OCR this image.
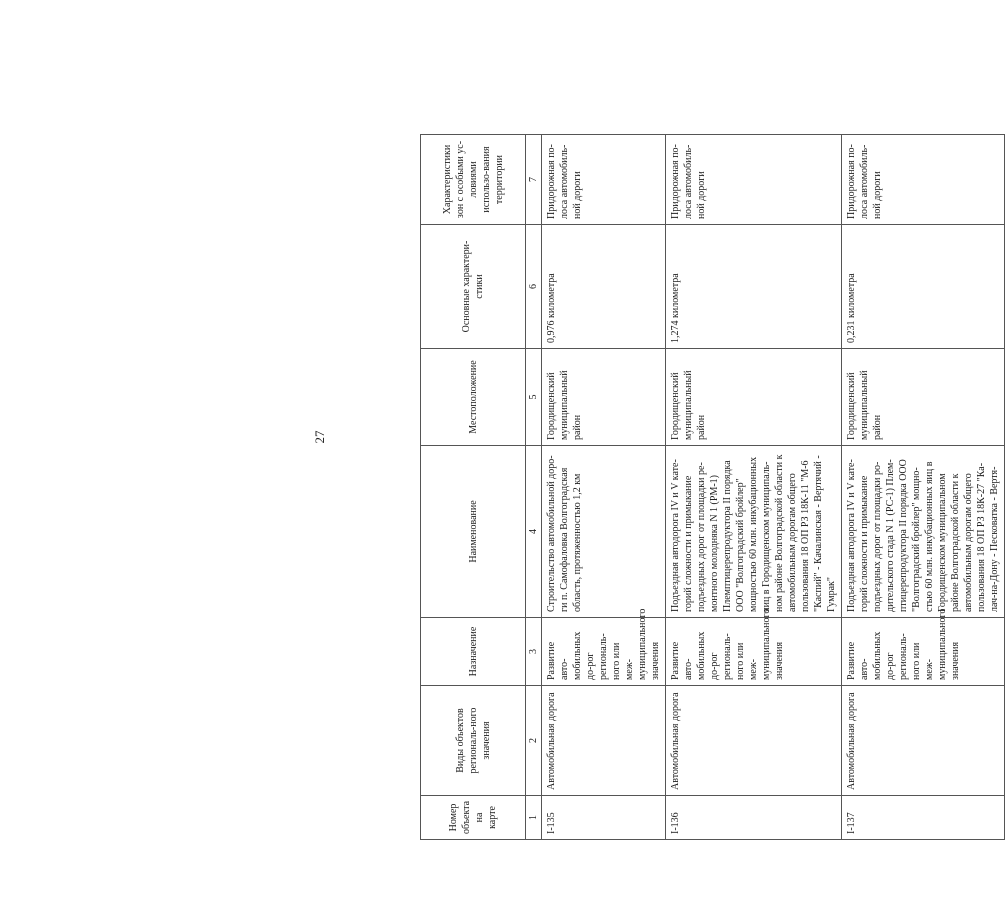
27
Номер объекта на карте	Виды объектов региональ-ного значения	Назначение	Наименование	Местоположение	Основные характери-стики	Характеристики зон с особыми ус-ловиями использо-вания территории
1	2	3	4	5	6	7
I-135	Автомобильная дорога	Развитие авто-мобильных до-рог региональ-ного или меж-муниципального значения	Строительство автомобильной доро-ги п. Самофаловка Волгоградская область, протяженностью 1,2 км	Городищенский муниципальный район	0,976 километра	Придорожная по-лоса автомобиль-ной дороги
I-136	Автомобильная дорога	Развитие авто-мобильных до-рог региональ-ного или меж-муниципального значения	Подъездная автодорога IV и V кате-горий сложности и примыкание подъездных дорог от площадки ре-монтного молодняка N 1 (РМ-1) Племптицерепродуктора II порядка ООО "Волгоградский бройлер" мощностью 60 млн. инкубационных яиц в Городищенском муниципаль-ном районе Волгоградской области к автомобильным дорогам общего пользования 18 ОП РЗ 18К-11 "М-6 "Каспий" - Качалинская - Вертячий - Гумрак"	Городищенский муниципальный район	1,274 километра	Придорожная по-лоса автомобиль-ной дороги
I-137	Автомобильная дорога	Развитие авто-мобильных до-рог региональ-ного или меж-муниципального значения	Подъездная автодорога IV и V кате-горий сложности и примыкание подъездных дорог от площадки ро-дительского стада N 1 (РС-1) Плем-птицерепродуктора II порядка ООО "Волгоградский бройлер" мощно-стью 60 млн. инкубационных яиц в Городищенском муниципальном районе Волгоградской области к автомобильным дорогам общего пользования 18 ОП РЗ 18К-27 "Ка-лач-на-Дону - Песковатка - Вертя-	Городищенский муниципальный район	0,231 километра	Придорожная по-лоса автомобиль-ной дороги
